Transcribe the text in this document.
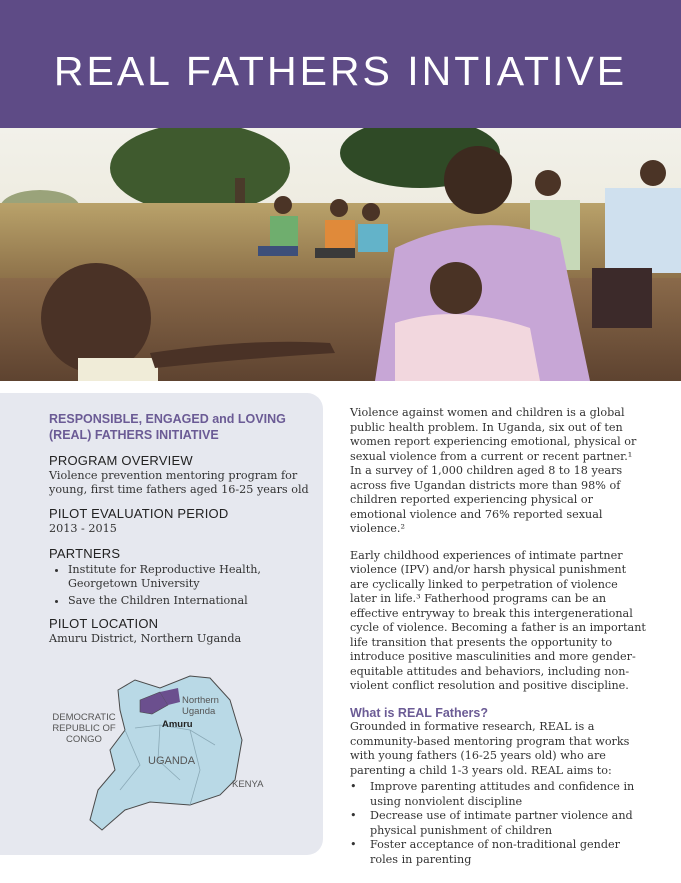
REAL FATHERS INTIATIVE
RESPONSIBLE, ENGAGED and LOVING (REAL) FATHERS INITIATIVE
PROGRAM OVERVIEW

Violence prevention mentoring program for young, first time fathers aged 16-25 years old

PILOT EVALUATION PERIOD

2013 - 2015

PARTNERS
• Institute for Reproductive Health, Georgetown University
• Save the Children International
PILOT LOCATION

Amuru District, Northern Uganda

DEMOCRATIC REPUBLIC OF CONGO
Northern Uganda
Amuru
UGANDA
KENYA

Violence against women and children is a global public health problem. In Uganda, six out of ten women report experiencing emotional, physical or sexual violence from a current or recent partner.¹ In a survey of 1,000 children aged 8 to 18 years across five Ugandan districts more than 98% of children reported experiencing physical or emotional violence and 76% reported sexual violence.²

Early childhood experiences of intimate partner violence (IPV) and/or harsh physical punishment are cyclically linked to perpetration of violence later in life.³ Fatherhood programs can be an effective entryway to break this intergenerational cycle of violence. Becoming a father is an important life transition that presents the opportunity to introduce positive masculinities and more gender-equitable attitudes and behaviors, including non-violent conflict resolution and positive discipline.

What is REAL Fathers?

Grounded in formative research, REAL is a community-based mentoring program that works with young fathers (16-25 years old) who are parenting a child 1-3 years old. REAL aims to:

• Improve parenting attitudes and confidence in using nonviolent discipline
• Decrease use of intimate partner violence and physical punishment of children
• Foster acceptance of non-traditional gender roles in parenting
